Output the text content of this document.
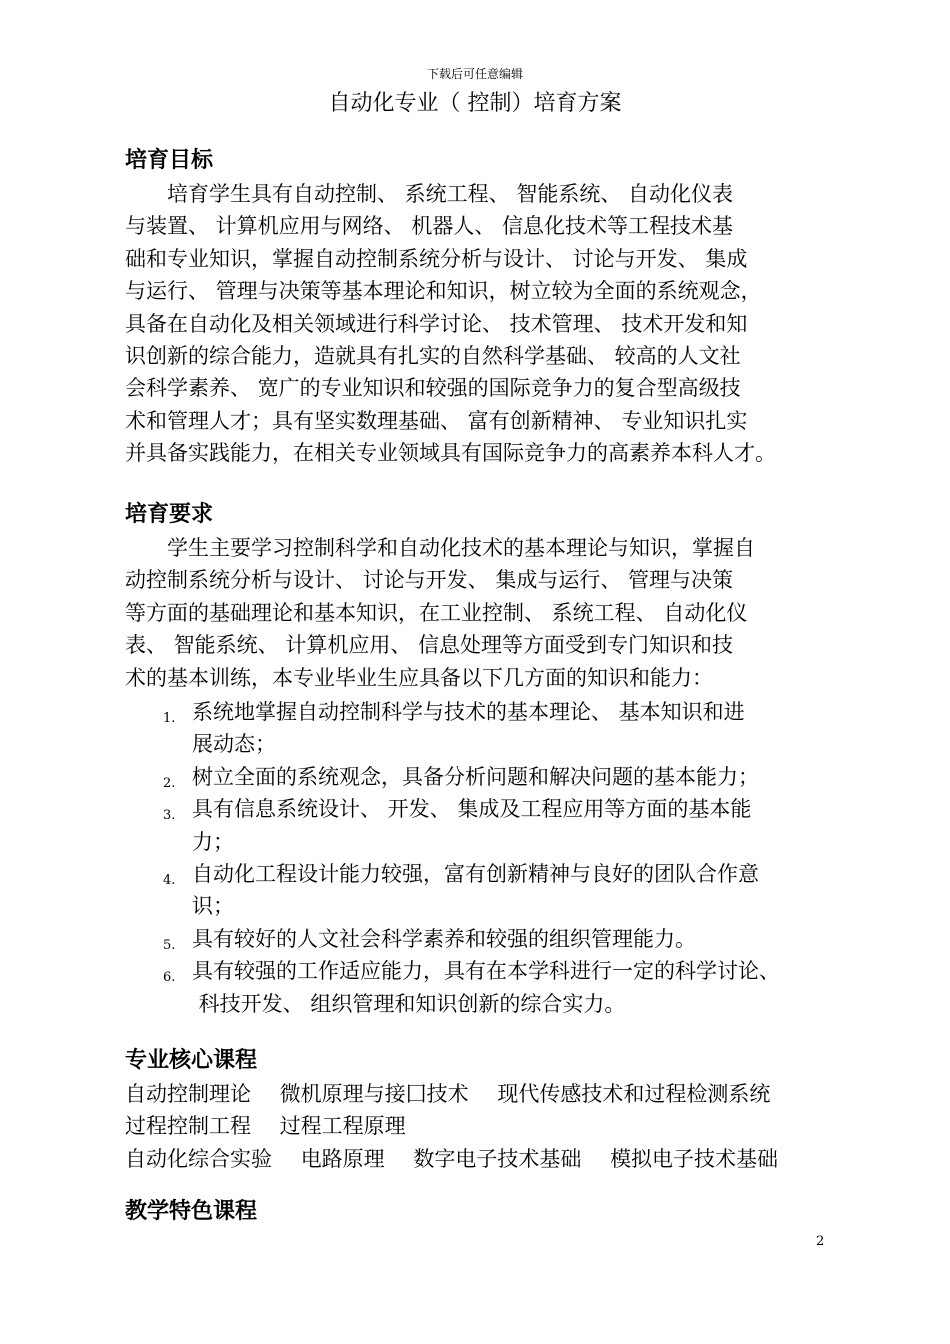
下载后可任意编辑
自动化专业（ 控制）培育方案
培育目标
培育学生具有自动控制、 系统工程、 智能系统、 自动化仪表
与装置、 计算机应用与网络、 机器人、 信息化技术等工程技术基
础和专业知识，掌握自动控制系统分析与设计、 讨论与开发、 集成
与运行、 管理与决策等基本理论和知识，树立较为全面的系统观念，
具备在自动化及相关领域进行科学讨论、 技术管理、 技术开发和知
识创新的综合能力，造就具有扎实的自然科学基础、 较高的人文社
会科学素养、 宽广的专业知识和较强的国际竞争力的复合型高级技
术和管理人才；具有坚实数理基础、 富有创新精神、 专业知识扎实
并具备实践能力，在相关专业领域具有国际竞争力的高素养本科人才。
培育要求
学生主要学习控制科学和自动化技术的基本理论与知识，掌握自
动控制系统分析与设计、 讨论与开发、 集成与运行、 管理与决策
等方面的基础理论和基本知识，在工业控制、 系统工程、 自动化仪
表、 智能系统、 计算机应用、 信息处理等方面受到专门知识和技
术的基本训练，本专业毕业生应具备以下几方面的知识和能力：
1. 系统地掌握自动控制科学与技术的基本理论、 基本知识和进
展动态；
2. 树立全面的系统观念，具备分析问题和解决问题的基本能力；
3. 具有信息系统设计、 开发、 集成及工程应用等方面的基本能
力；
4. 自动化工程设计能力较强，富有创新精神与良好的团队合作意
识；
5. 具有较好的人文社会科学素养和较强的组织管理能力。
6. 具有较强的工作适应能力，具有在本学科进行一定的科学讨论、
科技开发、 组织管理和知识创新的综合实力。
专业核心课程
自动控制理论 微机原理与接囗技术 现代传感技术和过程检测系统
过程控制工程 过程工程原理
自动化综合实验 电路原理 数字电子技术基础 模拟电子技术基础
教学特色课程
2
